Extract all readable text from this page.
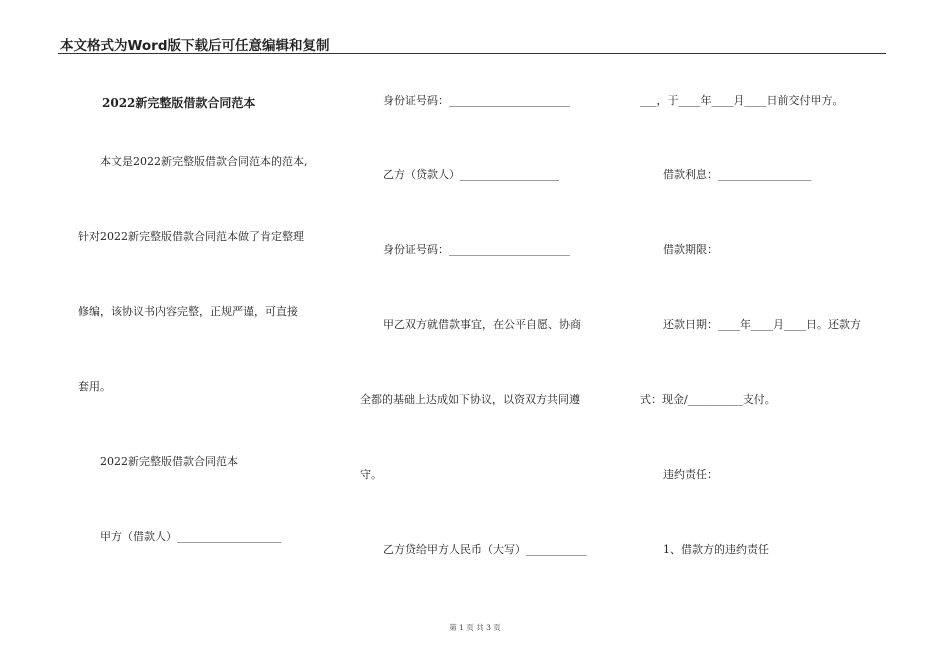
本文格式为Word版下载后可任意编辑和复制
2022新完整版借款合同范本
本文是2022新完整版借款合同范本的范本,
针对2022新完整版借款合同范本做了肯定整理
修编，该协议书内容完整，正规严谨，可直接
套用。
2022新完整版借款合同范本
甲方（借款人）___________________
身份证号码：______________________
乙方（贷款人）__________________
身份证号码：______________________
甲乙双方就借款事宜，在公平自愿、协商
全都的基础上达成如下协议，以资双方共同遵
守。
乙方贷给甲方人民币（大写）___________
___，于____年____月____日前交付甲方。
借款利息：_________________
借款期限：
还款日期：____年____月____日。还款方
式：现金/__________支付。
违约责任：
1、借款方的违约责任
第 1 页 共 3 页
